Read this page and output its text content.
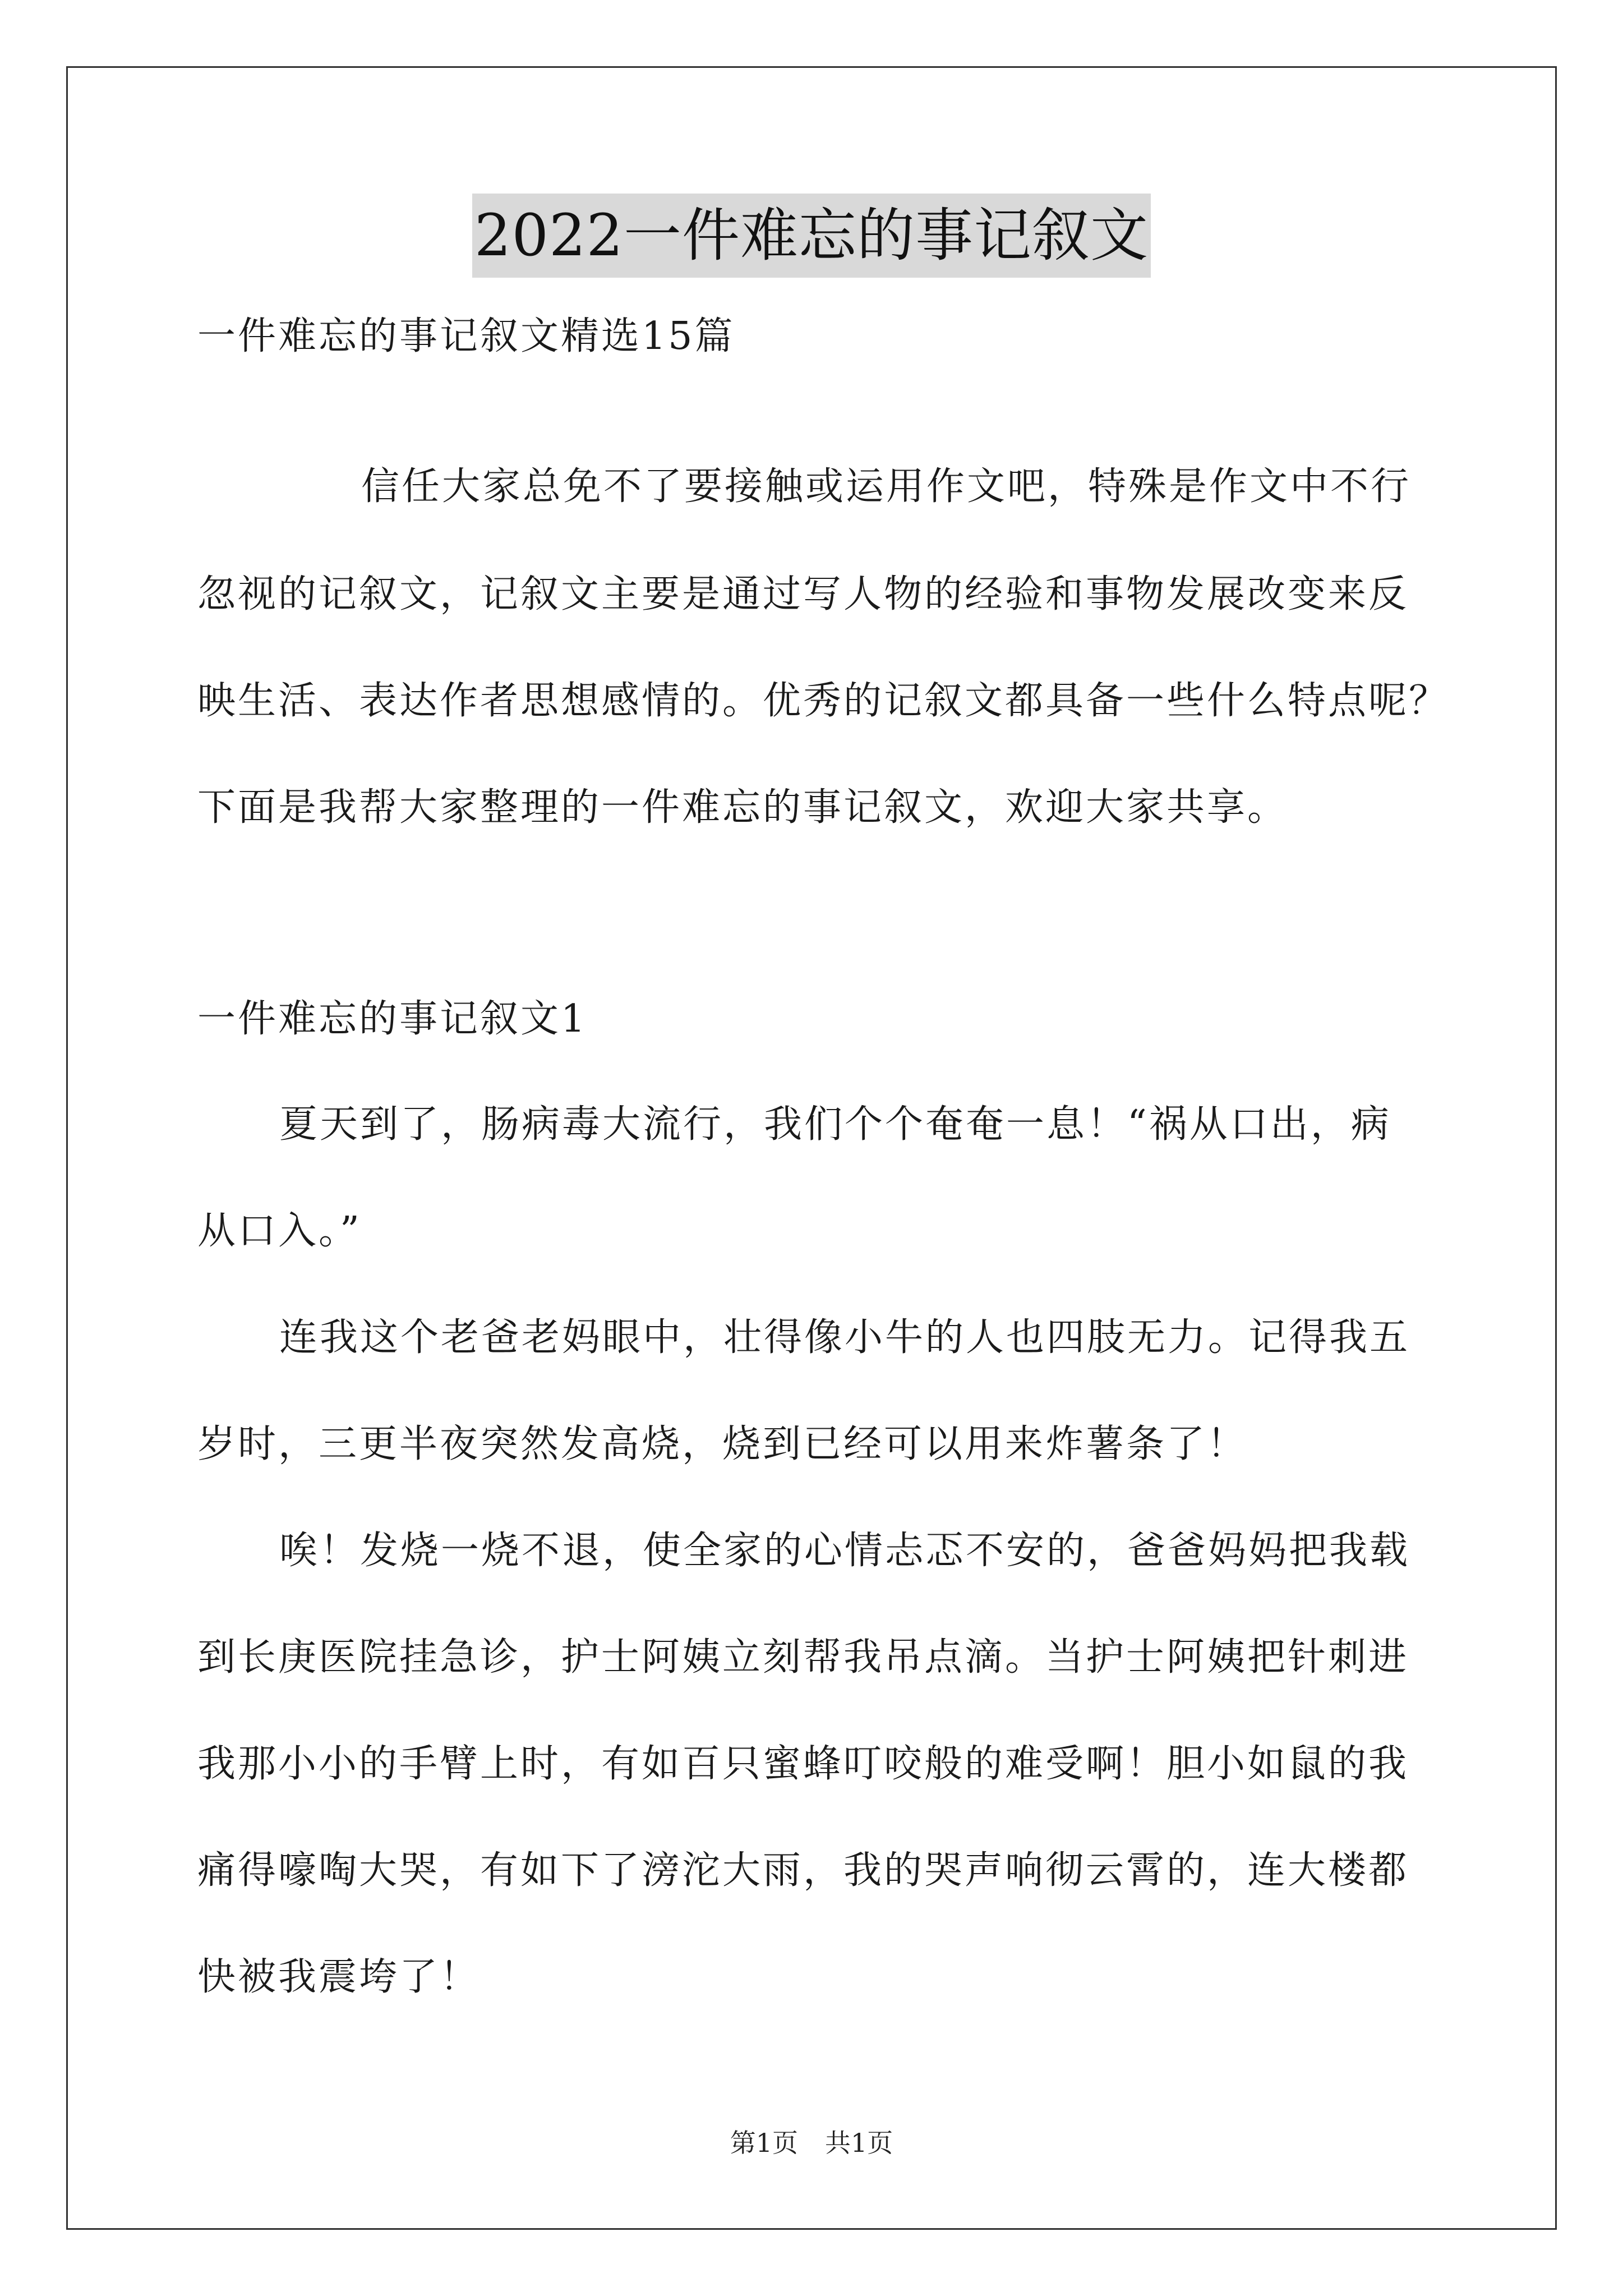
2022一件难忘的事记叙文
一件难忘的事记叙文精选15篇
信任大家总免不了要接触或运用作文吧，特殊是作文中不行
忽视的记叙文，记叙文主要是通过写人物的经验和事物发展改变来反
映生活、表达作者思想感情的。优秀的记叙文都具备一些什么特点呢？
下面是我帮大家整理的一件难忘的事记叙文，欢迎大家共享。
一件难忘的事记叙文1
夏天到了，肠病毒大流行，我们个个奄奄一息！“祸从口出，病
从口入。”
连我这个老爸老妈眼中，壮得像小牛的人也四肢无力。记得我五
岁时，三更半夜突然发高烧，烧到已经可以用来炸薯条了！
唉！发烧一烧不退，使全家的心情忐忑不安的，爸爸妈妈把我载
到长庚医院挂急诊，护士阿姨立刻帮我吊点滴。当护士阿姨把针刺进
我那小小的手臂上时，有如百只蜜蜂叮咬般的难受啊！胆小如鼠的我
痛得嚎啕大哭，有如下了滂沱大雨，我的哭声响彻云霄的，连大楼都
快被我震垮了！
第1页 共1页
